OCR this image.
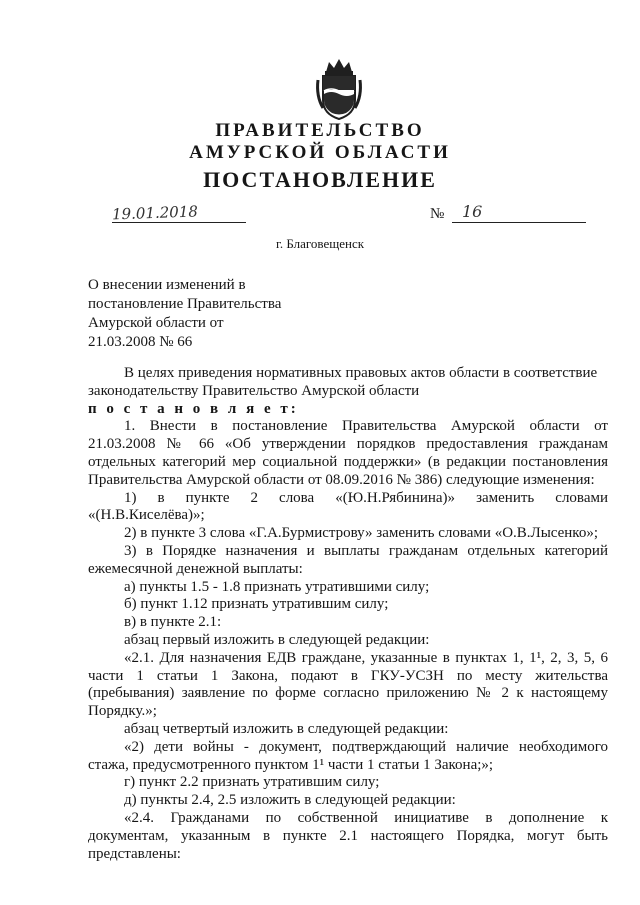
ПРАВИТЕЛЬСТВО
АМУРСКОЙ ОБЛАСТИ
ПОСТАНОВЛЕНИЕ
19.01.2018	№ 16
г. Благовещенск
О внесении изменений в
постановление Правительства
Амурской области от
21.03.2008 № 66
В целях приведения нормативных правовых актов области в соответствие
законодательству Правительство Амурской области
п о с т а н о в л я е т:
1. Внести в постановление Правительства Амурской области от
21.03.2008 № 66 «Об утверждении порядков предоставления гражданам
отдельных категорий мер социальной поддержки» (в редакции постановления
Правительства Амурской области от 08.09.2016 № 386) следующие изменения:
1) в пункте 2 слова «(Ю.Н.Рябинина)» заменить словами
«(Н.В.Киселёва)»;
2) в пункте 3 слова «Г.А.Бурмистрову» заменить словами «О.В.Лысенко»;
3) в Порядке назначения и выплаты гражданам отдельных категорий
ежемесячной денежной выплаты:
а) пункты 1.5 - 1.8 признать утратившими силу;
б) пункт 1.12 признать утратившим силу;
в) в пункте 2.1:
абзац первый изложить в следующей редакции:
«2.1. Для назначения ЕДВ граждане, указанные в пунктах 1, 1¹, 2, 3, 5, 6
части 1 статьи 1 Закона, подают в ГКУ-УСЗН по месту жительства
(пребывания) заявление по форме согласно приложению № 2 к настоящему
Порядку.»;
абзац четвертый изложить в следующей редакции:
«2) дети войны - документ, подтверждающий наличие необходимого
стажа, предусмотренного пунктом 1¹ части 1 статьи 1 Закона;»;
г) пункт 2.2 признать утратившим силу;
д) пункты 2.4, 2.5 изложить в следующей редакции:
«2.4. Гражданами по собственной инициативе в дополнение к
документам, указанным в пункте 2.1 настоящего Порядка, могут быть
представлены:
